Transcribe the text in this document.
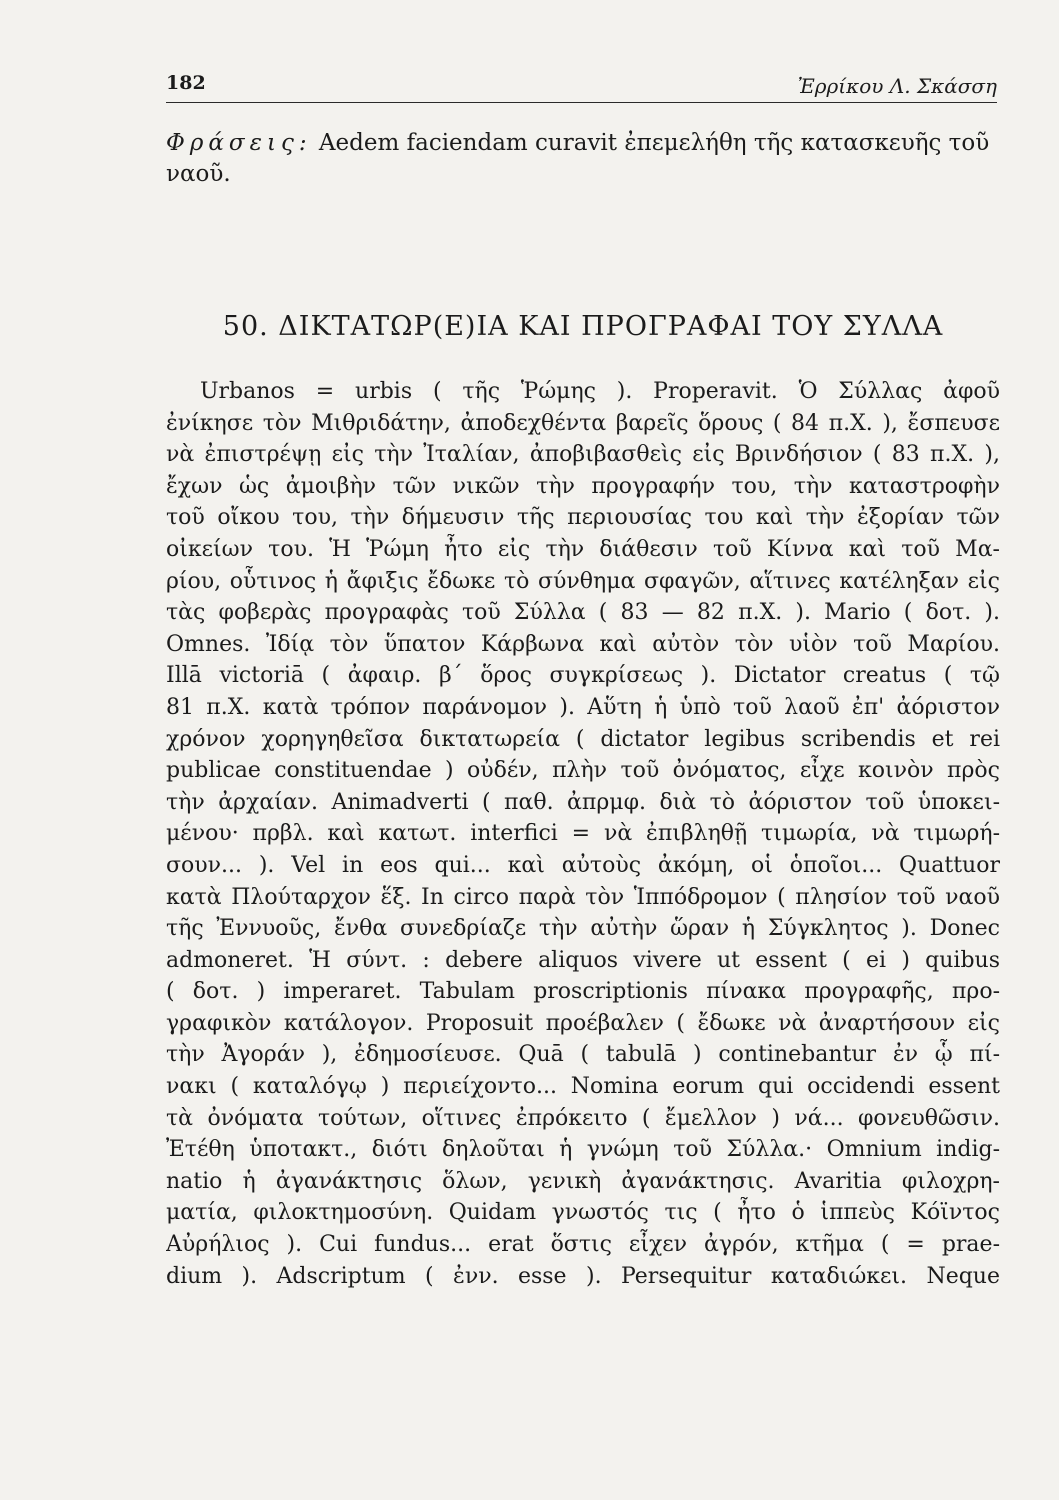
182	Ἐρρίκου Λ. Σκάσση
Φράσεις: Aedem faciendam curavit ἐπεμελήθη τῆς κατασκευῆς τοῦ ναοῦ.
50. ΔΙΚΤΑΤΩΡ(Ε)ΙΑ ΚΑΙ ΠΡΟΓΡΑΦΑΙ ΤΟΥ ΣΥΛΛΑ
Urbanos = urbis ( τῆς Ῥώμης ). Properavit. Ὁ Σύλλας ἀφοῦ
ἐνίκησε τὸν Μιθριδάτην, ἀποδεχθέντα βαρεῖς ὅρους ( 84 π.Χ. ), ἔσπευσε
νὰ ἐπιστρέψῃ εἰς τὴν Ἰταλίαν, ἀποβιβασθεὶς εἰς Βρινδήσιον ( 83 π.Χ. ),
ἔχων ὡς ἀμοιβὴν τῶν νικῶν τὴν προγραφήν του, τὴν καταστροφὴν
τοῦ οἴκου του, τὴν δήμευσιν τῆς περιουσίας του καὶ τὴν ἐξορίαν τῶν
οἰκείων του. Ἡ Ῥώμη ἦτο εἰς τὴν διάθεσιν τοῦ Κίννα καὶ τοῦ Μα-
ρίου, οὗτινος ἡ ἄφιξις ἔδωκε τὸ σύνθημα σφαγῶν, αἵτινες κατέληξαν εἰς
τὰς φοβερὰς προγραφὰς τοῦ Σύλλα ( 83 — 82 π.Χ. ). Mario ( δοτ. ).
Omnes. Ἰδίᾳ τὸν ὕπατον Κάρβωνα καὶ αὐτὸν τὸν υἱὸν τοῦ Μαρίου.
Illā victoriā ( ἀφαιρ. β΄ ὅρος συγκρίσεως ). Dictator creatus ( τῷ
81 π.Χ. κατὰ τρόπον παράνομον ). Αὕτη ἡ ὑπὸ τοῦ λαοῦ ἐπ' ἀόριστον
χρόνον χορηγηθεῖσα δικτατωρεία ( dictator legibus scribendis et rei
publicae constituendae ) οὐδέν, πλὴν τοῦ ὀνόματος, εἶχε κοινὸν πρὸς
τὴν ἀρχαίαν. Animadverti ( παθ. ἀπρμφ. διὰ τὸ ἀόριστον τοῦ ὑποκει-
μένου· πρβλ. καὶ κατωτ. interfici = νὰ ἐπιβληθῇ τιμωρία, νὰ τιμωρή-
σουν... ). Vel in eos qui... καὶ αὐτοὺς ἀκόμη, οἱ ὁποῖοι... Quattuor
κατὰ Πλούταρχον ἕξ. In circo παρὰ τὸν Ἱππόδρομον ( πλησίον τοῦ ναοῦ
τῆς Ἐννυοῦς, ἔνθα συνεδρίαζε τὴν αὐτὴν ὥραν ἡ Σύγκλητος ). Donec
admoneret. Ἡ σύντ. : debere aliquos vivere ut essent ( ei ) quibus
( δοτ. ) imperaret. Tabulam proscriptionis πίνακα προγραφῆς, προ-
γραφικὸν κατάλογον. Proposuit προέβαλεν ( ἔδωκε νὰ ἀναρτήσουν εἰς
τὴν Ἀγοράν ), ἐδημοσίευσε. Quā ( tabulā ) continebantur ἐν ᾧ πί-
νακι ( καταλόγῳ ) περιείχοντο... Nomina eorum qui occidendi essent
τὰ ὀνόματα τούτων, οἵτινες ἐπρόκειτο ( ἔμελλον ) νά... φονευθῶσιν.
Ἐτέθη ὑποτακτ., διότι δηλοῦται ἡ γνώμη τοῦ Σύλλα.· Omnium indig-
natio ἡ ἀγανάκτησις ὅλων, γενικὴ ἀγανάκτησις. Avaritia φιλοχρη-
ματία, φιλοκτημοσύνη. Quidam γνωστός τις ( ἦτο ὁ ἱππεὺς Κόϊντος
Αὐρήλιος ). Cui fundus... erat ὅστις εἶχεν ἀγρόν, κτῆμα ( = prae-
dium ). Adscriptum ( ἐνν. esse ). Persequitur καταδιώκει. Neque
